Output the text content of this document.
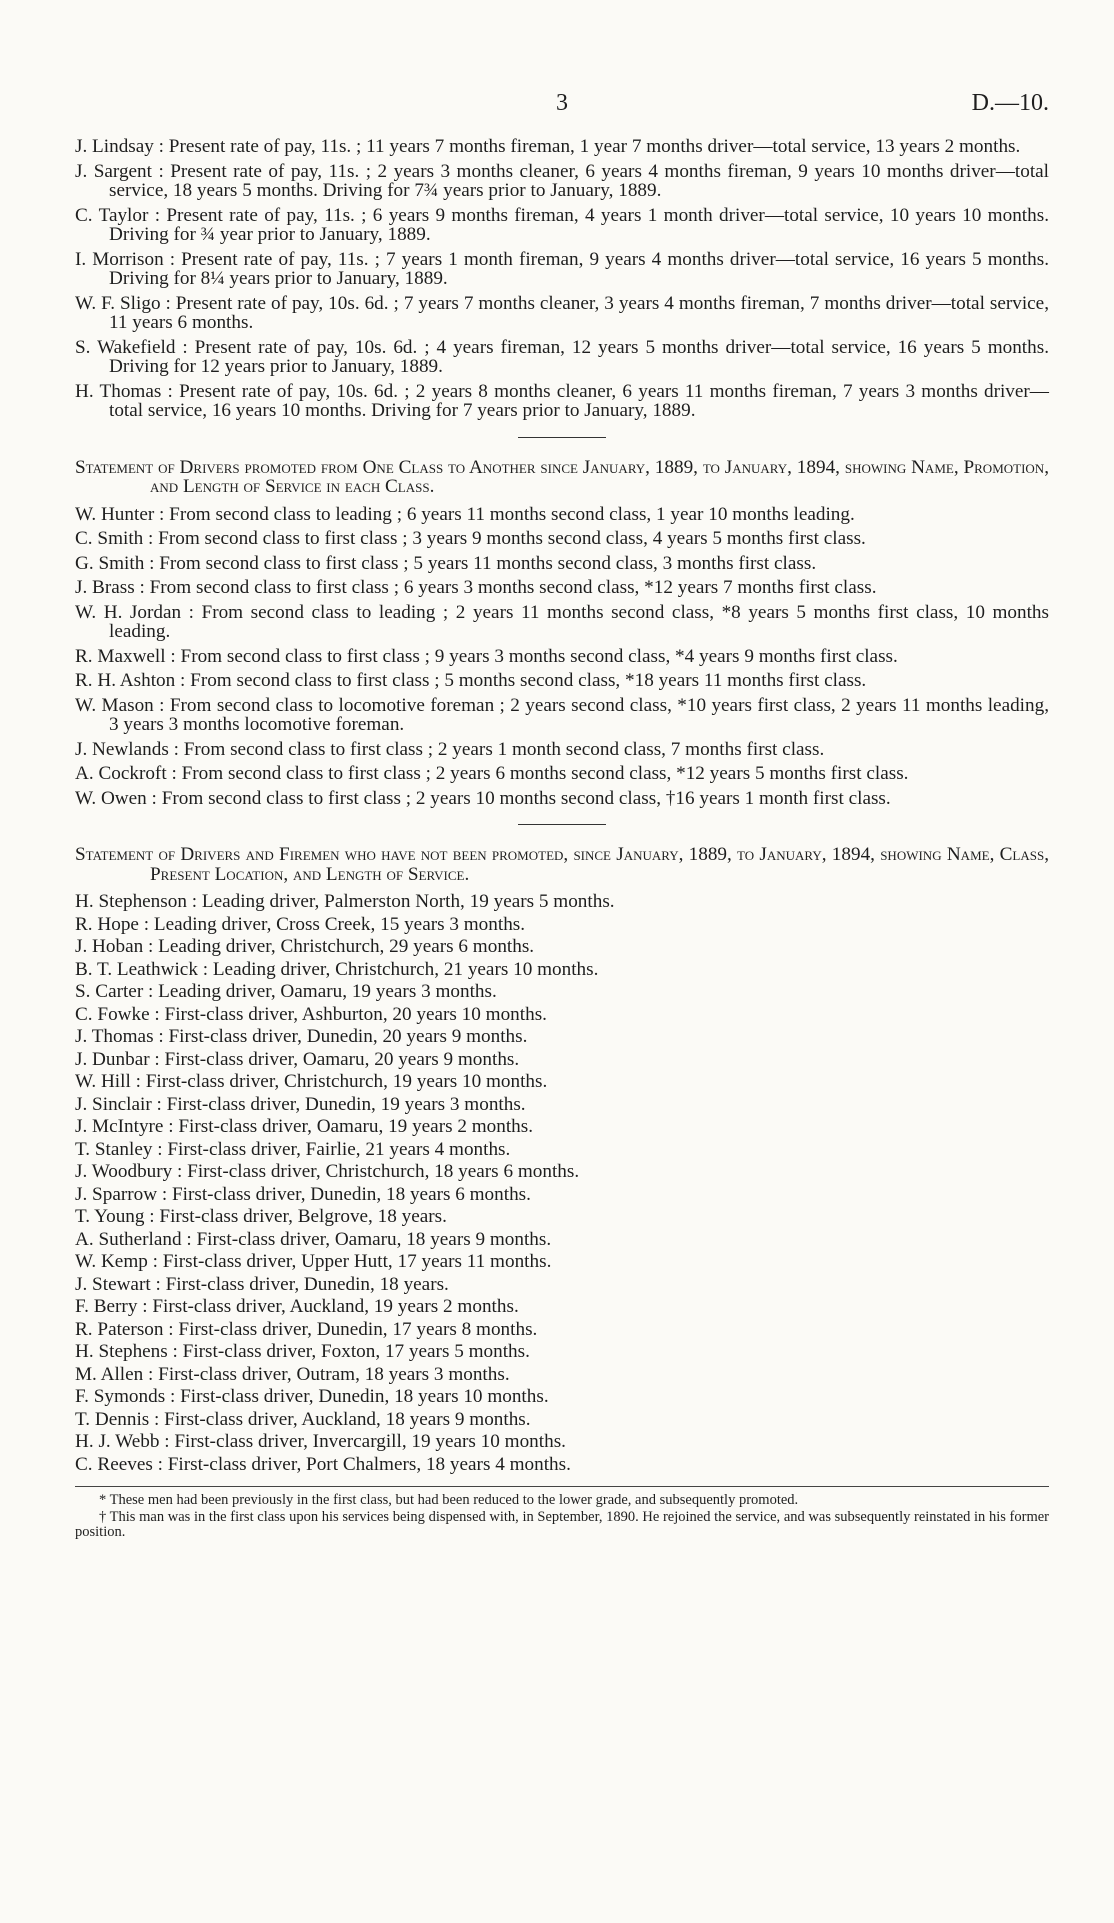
3	D.—10.

J. Lindsay : Present rate of pay, 11s. ; 11 years 7 months fireman, 1 year 7 months driver—total service, 13 years 2 months.

J. Sargent : Present rate of pay, 11s. ; 2 years 3 months cleaner, 6 years 4 months fireman, 9 years 10 months driver—total service, 18 years 5 months. Driving for 7¾ years prior to January, 1889.

C. Taylor : Present rate of pay, 11s. ; 6 years 9 months fireman, 4 years 1 month driver—total service, 10 years 10 months. Driving for ¾ year prior to January, 1889.

I. Morrison : Present rate of pay, 11s. ; 7 years 1 month fireman, 9 years 4 months driver—total service, 16 years 5 months. Driving for 8¼ years prior to January, 1889.

W. F. Sligo : Present rate of pay, 10s. 6d. ; 7 years 7 months cleaner, 3 years 4 months fireman, 7 months driver—total service, 11 years 6 months.

S. Wakefield : Present rate of pay, 10s. 6d. ; 4 years fireman, 12 years 5 months driver—total service, 16 years 5 months. Driving for 12 years prior to January, 1889.

H. Thomas : Present rate of pay, 10s. 6d. ; 2 years 8 months cleaner, 6 years 11 months fireman, 7 years 3 months driver—total service, 16 years 10 months. Driving for 7 years prior to January, 1889.

Statement of Drivers promoted from One Class to Another since January, 1889, to January, 1894, showing Name, Promotion, and Length of Service in each Class.

W. Hunter : From second class to leading ; 6 years 11 months second class, 1 year 10 months leading.

C. Smith : From second class to first class ; 3 years 9 months second class, 4 years 5 months first class.

G. Smith : From second class to first class ; 5 years 11 months second class, 3 months first class.

J. Brass : From second class to first class ; 6 years 3 months second class, *12 years 7 months first class.

W. H. Jordan : From second class to leading ; 2 years 11 months second class, *8 years 5 months first class, 10 months leading.

R. Maxwell : From second class to first class ; 9 years 3 months second class, *4 years 9 months first class.

R. H. Ashton : From second class to first class ; 5 months second class, *18 years 11 months first class.

W. Mason : From second class to locomotive foreman ; 2 years second class, *10 years first class, 2 years 11 months leading, 3 years 3 months locomotive foreman.

J. Newlands : From second class to first class ; 2 years 1 month second class, 7 months first class.

A. Cockroft : From second class to first class ; 2 years 6 months second class, *12 years 5 months first class.

W. Owen : From second class to first class ; 2 years 10 months second class, †16 years 1 month first class.

Statement of Drivers and Firemen who have not been promoted, since January, 1889, to January, 1894, showing Name, Class, Present Location, and Length of Service.

H. Stephenson : Leading driver, Palmerston North, 19 years 5 months.

R. Hope : Leading driver, Cross Creek, 15 years 3 months.

J. Hoban : Leading driver, Christchurch, 29 years 6 months.

B. T. Leathwick : Leading driver, Christchurch, 21 years 10 months.

S. Carter : Leading driver, Oamaru, 19 years 3 months.

C. Fowke : First-class driver, Ashburton, 20 years 10 months.

J. Thomas : First-class driver, Dunedin, 20 years 9 months.

J. Dunbar : First-class driver, Oamaru, 20 years 9 months.

W. Hill : First-class driver, Christchurch, 19 years 10 months.

J. Sinclair : First-class driver, Dunedin, 19 years 3 months.

J. McIntyre : First-class driver, Oamaru, 19 years 2 months.

T. Stanley : First-class driver, Fairlie, 21 years 4 months.

J. Woodbury : First-class driver, Christchurch, 18 years 6 months.

J. Sparrow : First-class driver, Dunedin, 18 years 6 months.

T. Young : First-class driver, Belgrove, 18 years.

A. Sutherland : First-class driver, Oamaru, 18 years 9 months.

W. Kemp : First-class driver, Upper Hutt, 17 years 11 months.

J. Stewart : First-class driver, Dunedin, 18 years.

F. Berry : First-class driver, Auckland, 19 years 2 months.

R. Paterson : First-class driver, Dunedin, 17 years 8 months.

H. Stephens : First-class driver, Foxton, 17 years 5 months.

M. Allen : First-class driver, Outram, 18 years 3 months.

F. Symonds : First-class driver, Dunedin, 18 years 10 months.

T. Dennis : First-class driver, Auckland, 18 years 9 months.

H. J. Webb : First-class driver, Invercargill, 19 years 10 months.

C. Reeves : First-class driver, Port Chalmers, 18 years 4 months.

* These men had been previously in the first class, but had been reduced to the lower grade, and subsequently promoted.

† This man was in the first class upon his services being dispensed with, in September, 1890. He rejoined the service, and was subsequently reinstated in his former position.
